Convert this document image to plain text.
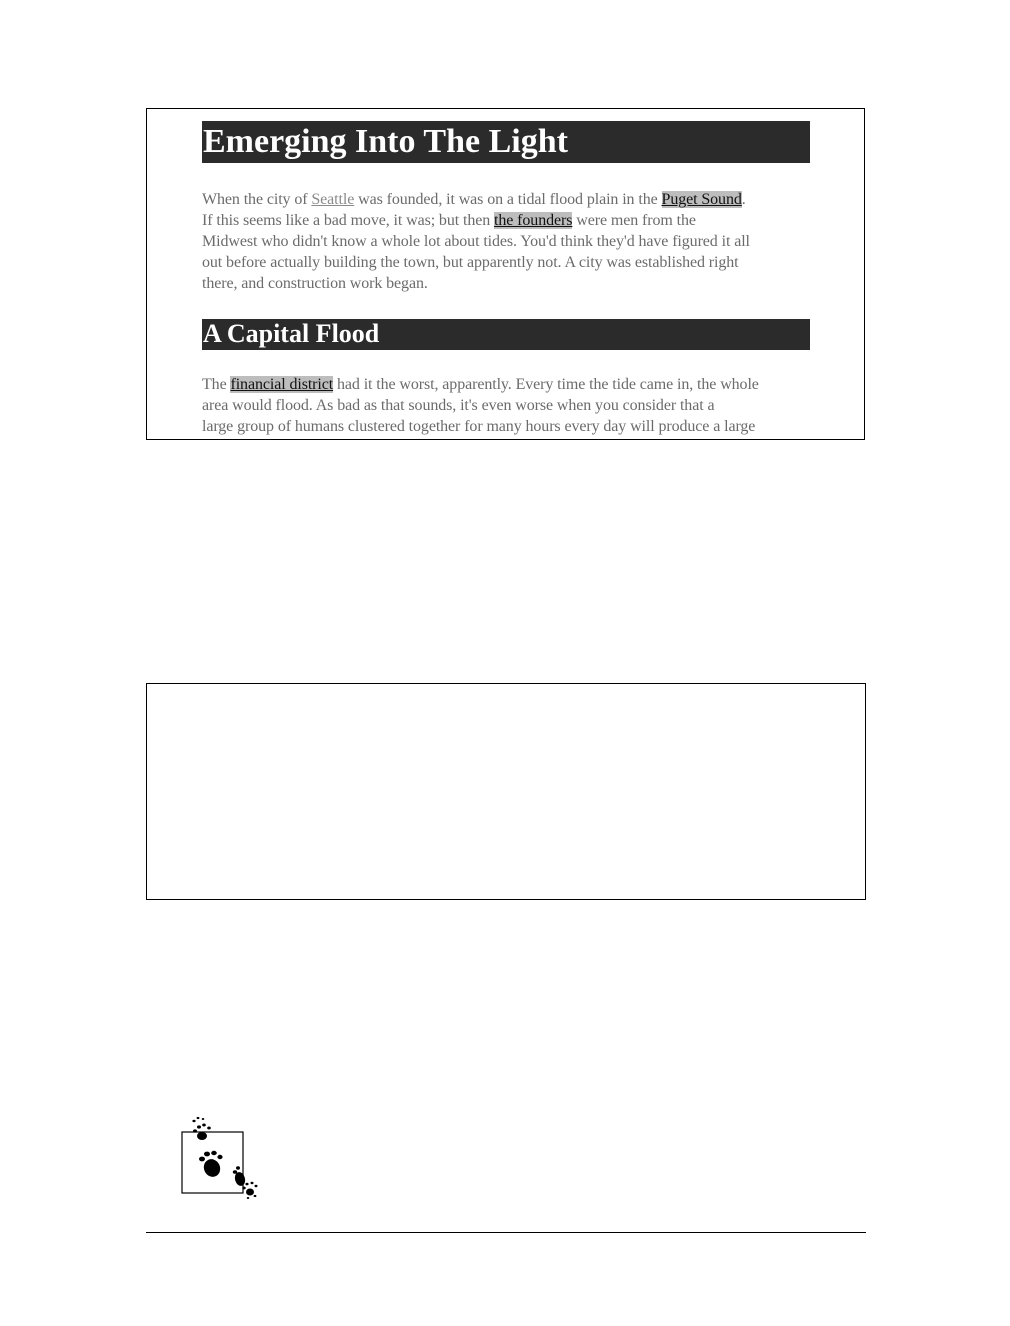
Emerging Into The Light

When the city of Seattle was founded, it was on a tidal flood plain in the Puget Sound.
If this seems like a bad move, it was; but then the founders were men from the
Midwest who didn't know a whole lot about tides. You'd think they'd have figured it all
out before actually building the town, but apparently not. A city was established right
there, and construction work began.

A Capital Flood

The financial district had it the worst, apparently. Every time the tide came in, the whole
area would flood. As bad as that sounds, it's even worse when you consider that a
large group of humans clustered together for many hours every day will produce a large
